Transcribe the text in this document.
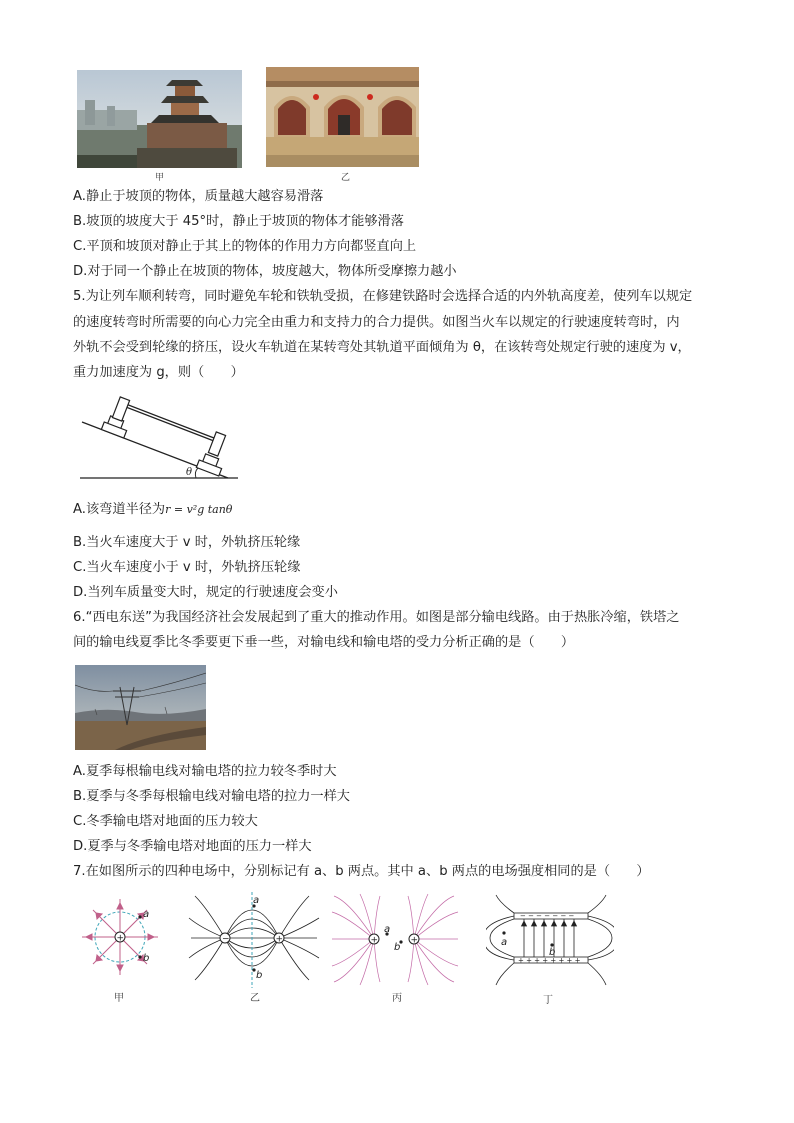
甲	乙
A.静止于坡顶的物体，质量越大越容易滑落
B.坡顶的坡度大于 45°时，静止于坡顶的物体才能够滑落
C.平顶和坡顶对静止于其上的物体的作用力方向都竖直向上
D.对于同一个静止在坡顶的物体，坡度越大，物体所受摩擦力越小
5.为让列车顺利转弯，同时避免车轮和铁轨受损，在修建铁路时会选择合适的内外轨高度差，使列车以规定
的速度转弯时所需要的向心力完全由重力和支持力的合力提供。如图当火车以规定的行驶速度转弯时，内
外轨不会受到轮缘的挤压，设火车轨道在某转弯处其轨道平面倾角为 θ，在该转弯处规定行驶的速度为 v，
重力加速度为 g，则（　　）
θ
A.该弯道半径为r = v²g tanθ
B.当火车速度大于 v 时，外轨挤压轮缘
C.当火车速度小于 v 时，外轨挤压轮缘
D.当列车质量变大时，规定的行驶速度会变小
6.“西电东送”为我国经济社会发展起到了重大的推动作用。如图是部分输电线路。由于热胀冷缩，铁塔之
间的输电线夏季比冬季要更下垂一些，对输电线和输电塔的受力分析正确的是（　　）
A.夏季每根输电线对输电塔的拉力较冬季时大
B.夏季与冬季每根输电线对输电塔的拉力一样大
C.冬季输电塔对地面的压力较大
D.夏季与冬季输电塔对地面的压力一样大
7.在如图所示的四种电场中，分别标记有 a、b 两点。其中 a、b 两点的电场强度相同的是（　　）
+
a
b
甲
−	+
a
b
乙
+	+
a
b
丙
− − − − − − −
+ + + + + + + +
a
b
丁
